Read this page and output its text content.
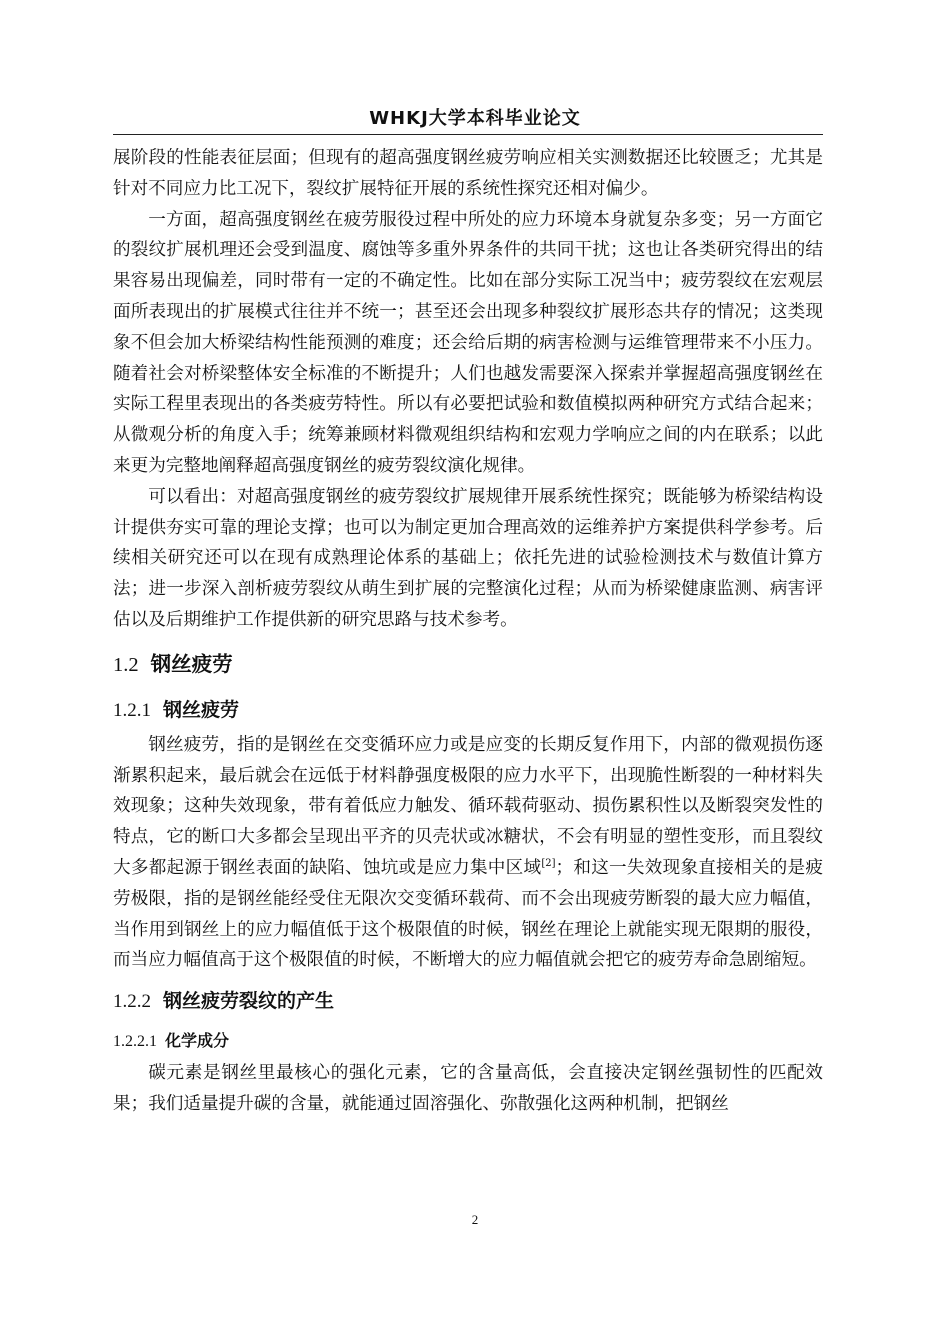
WHKJ大学本科毕业论文

展阶段的性能表征层面；但现有的超高强度钢丝疲劳响应相关实测数据还比较匮乏；尤其是针对不同应力比工况下，裂纹扩展特征开展的系统性探究还相对偏少。

一方面，超高强度钢丝在疲劳服役过程中所处的应力环境本身就复杂多变；另一方面它的裂纹扩展机理还会受到温度、腐蚀等多重外界条件的共同干扰；这也让各类研究得出的结果容易出现偏差，同时带有一定的不确定性。比如在部分实际工况当中；疲劳裂纹在宏观层面所表现出的扩展模式往往并不统一；甚至还会出现多种裂纹扩展形态共存的情况；这类现象不但会加大桥梁结构性能预测的难度；还会给后期的病害检测与运维管理带来不小压力。随着社会对桥梁整体安全标准的不断提升；人们也越发需要深入探索并掌握超高强度钢丝在实际工程里表现出的各类疲劳特性。所以有必要把试验和数值模拟两种研究方式结合起来；从微观分析的角度入手；统筹兼顾材料微观组织结构和宏观力学响应之间的内在联系；以此来更为完整地阐释超高强度钢丝的疲劳裂纹演化规律。

可以看出：对超高强度钢丝的疲劳裂纹扩展规律开展系统性探究；既能够为桥梁结构设计提供夯实可靠的理论支撑；也可以为制定更加合理高效的运维养护方案提供科学参考。后续相关研究还可以在现有成熟理论体系的基础上；依托先进的试验检测技术与数值计算方法；进一步深入剖析疲劳裂纹从萌生到扩展的完整演化过程；从而为桥梁健康监测、病害评估以及后期维护工作提供新的研究思路与技术参考。

1.2 钢丝疲劳
1.2.1 钢丝疲劳

钢丝疲劳，指的是钢丝在交变循环应力或是应变的长期反复作用下，内部的微观损伤逐渐累积起来，最后就会在远低于材料静强度极限的应力水平下，出现脆性断裂的一种材料失效现象；这种失效现象，带有着低应力触发、循环载荷驱动、损伤累积性以及断裂突发性的特点，它的断口大多都会呈现出平齐的贝壳状或冰糖状，不会有明显的塑性变形，而且裂纹大多都起源于钢丝表面的缺陷、蚀坑或是应力集中区域[2]；和这一失效现象直接相关的是疲劳极限，指的是钢丝能经受住无限次交变循环载荷、而不会出现疲劳断裂的最大应力幅值，当作用到钢丝上的应力幅值低于这个极限值的时候，钢丝在理论上就能实现无限期的服役，而当应力幅值高于这个极限值的时候，不断增大的应力幅值就会把它的疲劳寿命急剧缩短。

1.2.2 钢丝疲劳裂纹的产生
1.2.2.1 化学成分

碳元素是钢丝里最核心的强化元素，它的含量高低，会直接决定钢丝强韧性的匹配效果；我们适量提升碳的含量，就能通过固溶强化、弥散强化这两种机制，把钢丝

2
